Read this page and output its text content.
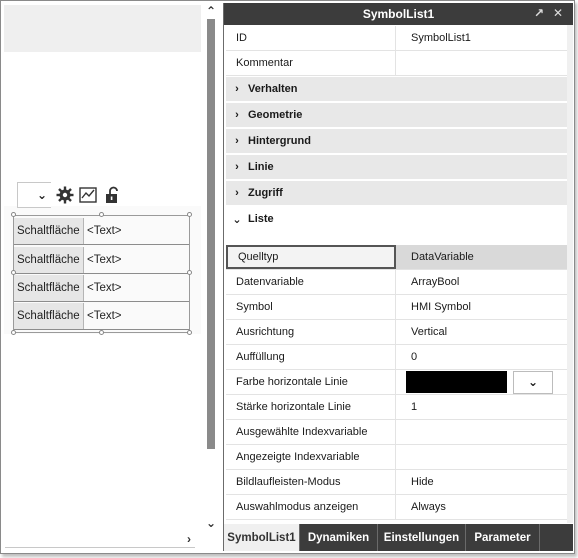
⌄
Schaltfläche <Text>
Schaltfläche <Text>
Schaltfläche <Text>
Schaltfläche <Text>
›
⌃
⌄
SymbolList1	↗ ✕
ID	SymbolList1
Kommentar
› Verhalten
› Geometrie
› Hintergrund
› Linie
› Zugriff
⌄ Liste
Quelltyp	DataVariable
Datenvariable	ArrayBool
Symbol	HMI Symbol
Ausrichtung	Vertical
Auffüllung	0
Farbe horizontale Linie	⌄
Stärke horizontale Linie	1
Ausgewählte Indexvariable
Angezeigte Indexvariable
Bildlaufleisten-Modus	Hide
Auswahlmodus anzeigen	Always
SymbolList1	Dynamiken	Einstellungen	Parameter
